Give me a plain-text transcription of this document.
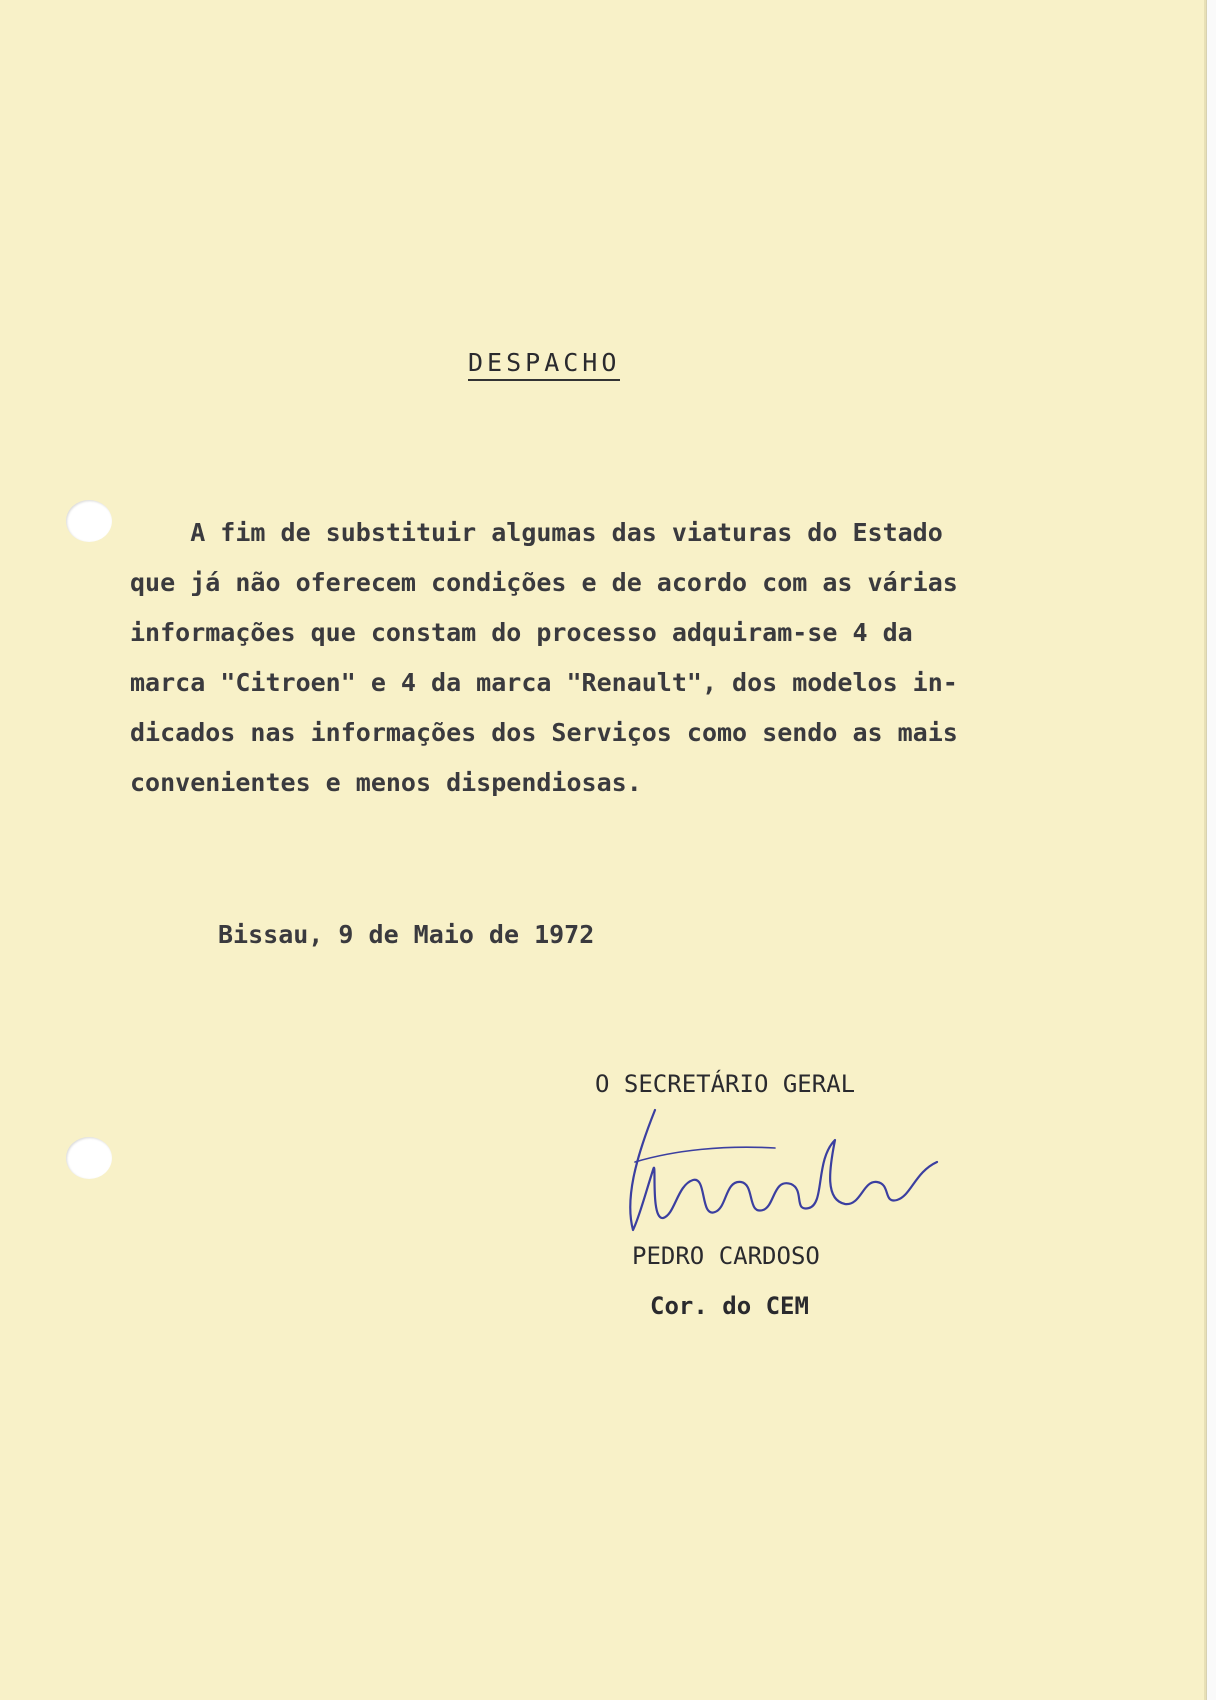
DESPACHO
A fim de substituir algumas das viaturas do Estado
que já não oferecem condições e de acordo com as várias
informações que constam do processo adquiram-se 4 da
marca "Citroen" e 4 da marca "Renault", dos modelos in-
dicados nas informações dos Serviços como sendo as mais
convenientes e menos dispendiosas.
Bissau, 9 de Maio de 1972
O SECRETÁRIO GERAL
PEDRO CARDOSO
Cor. do CEM
